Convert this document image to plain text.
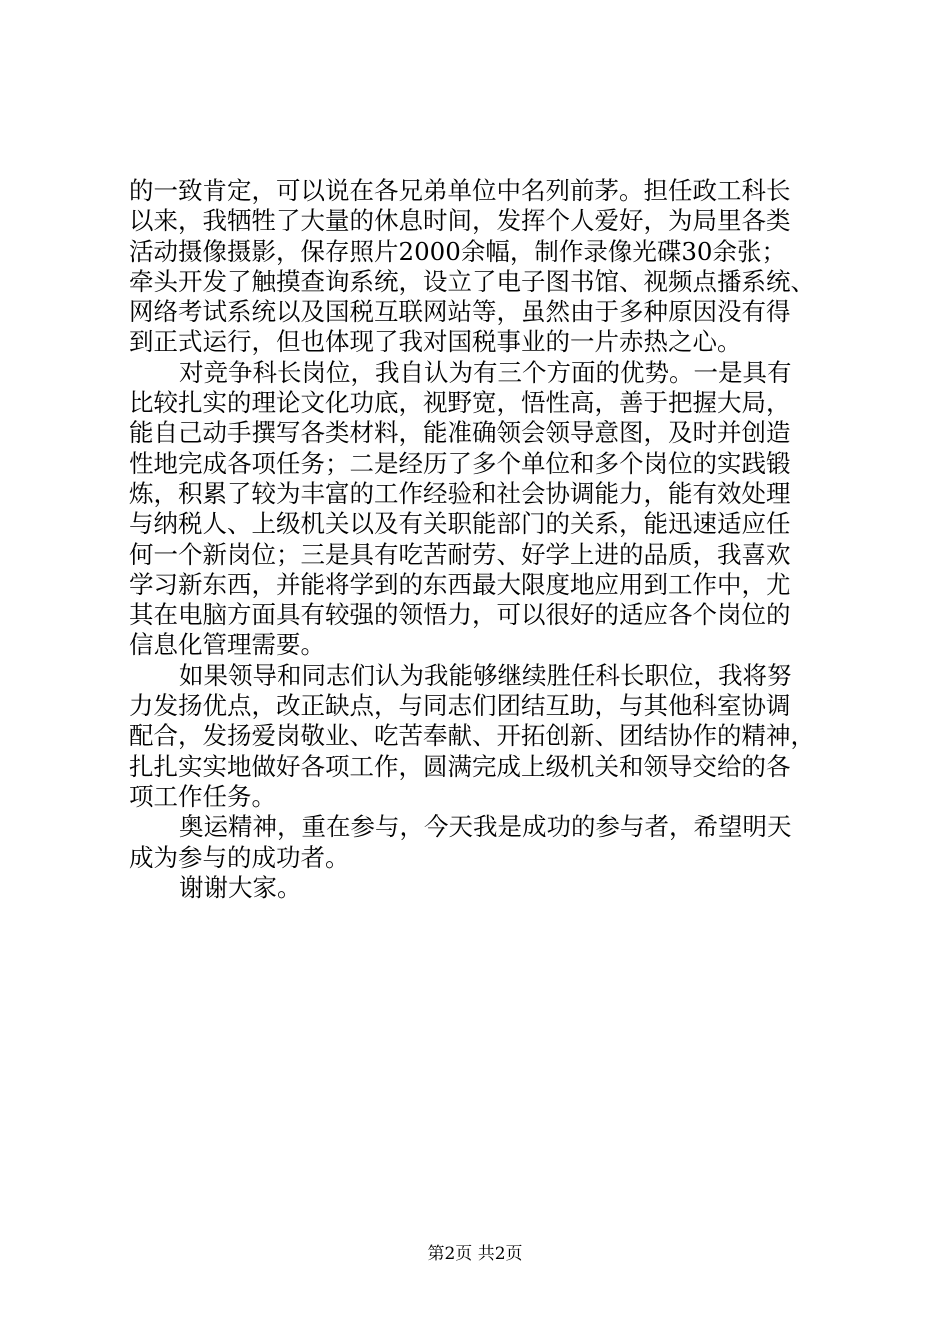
的一致肯定，可以说在各兄弟单位中名列前茅。担任政工科长
以来，我牺牲了大量的休息时间，发挥个人爱好，为局里各类
活动摄像摄影，保存照片2000余幅，制作录像光碟30余张；
牵头开发了触摸查询系统，设立了电子图书馆、视频点播系统、
网络考试系统以及国税互联网站等，虽然由于多种原因没有得
到正式运行，但也体现了我对国税事业的一片赤热之心。
对竞争科长岗位，我自认为有三个方面的优势。一是具有
比较扎实的理论文化功底，视野宽，悟性高，善于把握大局，
能自己动手撰写各类材料，能准确领会领导意图，及时并创造
性地完成各项任务；二是经历了多个单位和多个岗位的实践锻
炼，积累了较为丰富的工作经验和社会协调能力，能有效处理
与纳税人、上级机关以及有关职能部门的关系，能迅速适应任
何一个新岗位；三是具有吃苦耐劳、好学上进的品质，我喜欢
学习新东西，并能将学到的东西最大限度地应用到工作中，尤
其在电脑方面具有较强的领悟力，可以很好的适应各个岗位的
信息化管理需要。
如果领导和同志们认为我能够继续胜任科长职位，我将努
力发扬优点，改正缺点，与同志们团结互助，与其他科室协调
配合，发扬爱岗敬业、吃苦奉献、开拓创新、团结协作的精神，
扎扎实实地做好各项工作，圆满完成上级机关和领导交给的各
项工作任务。
奥运精神，重在参与，今天我是成功的参与者，希望明天
成为参与的成功者。
谢谢大家。
第2页 共2页
